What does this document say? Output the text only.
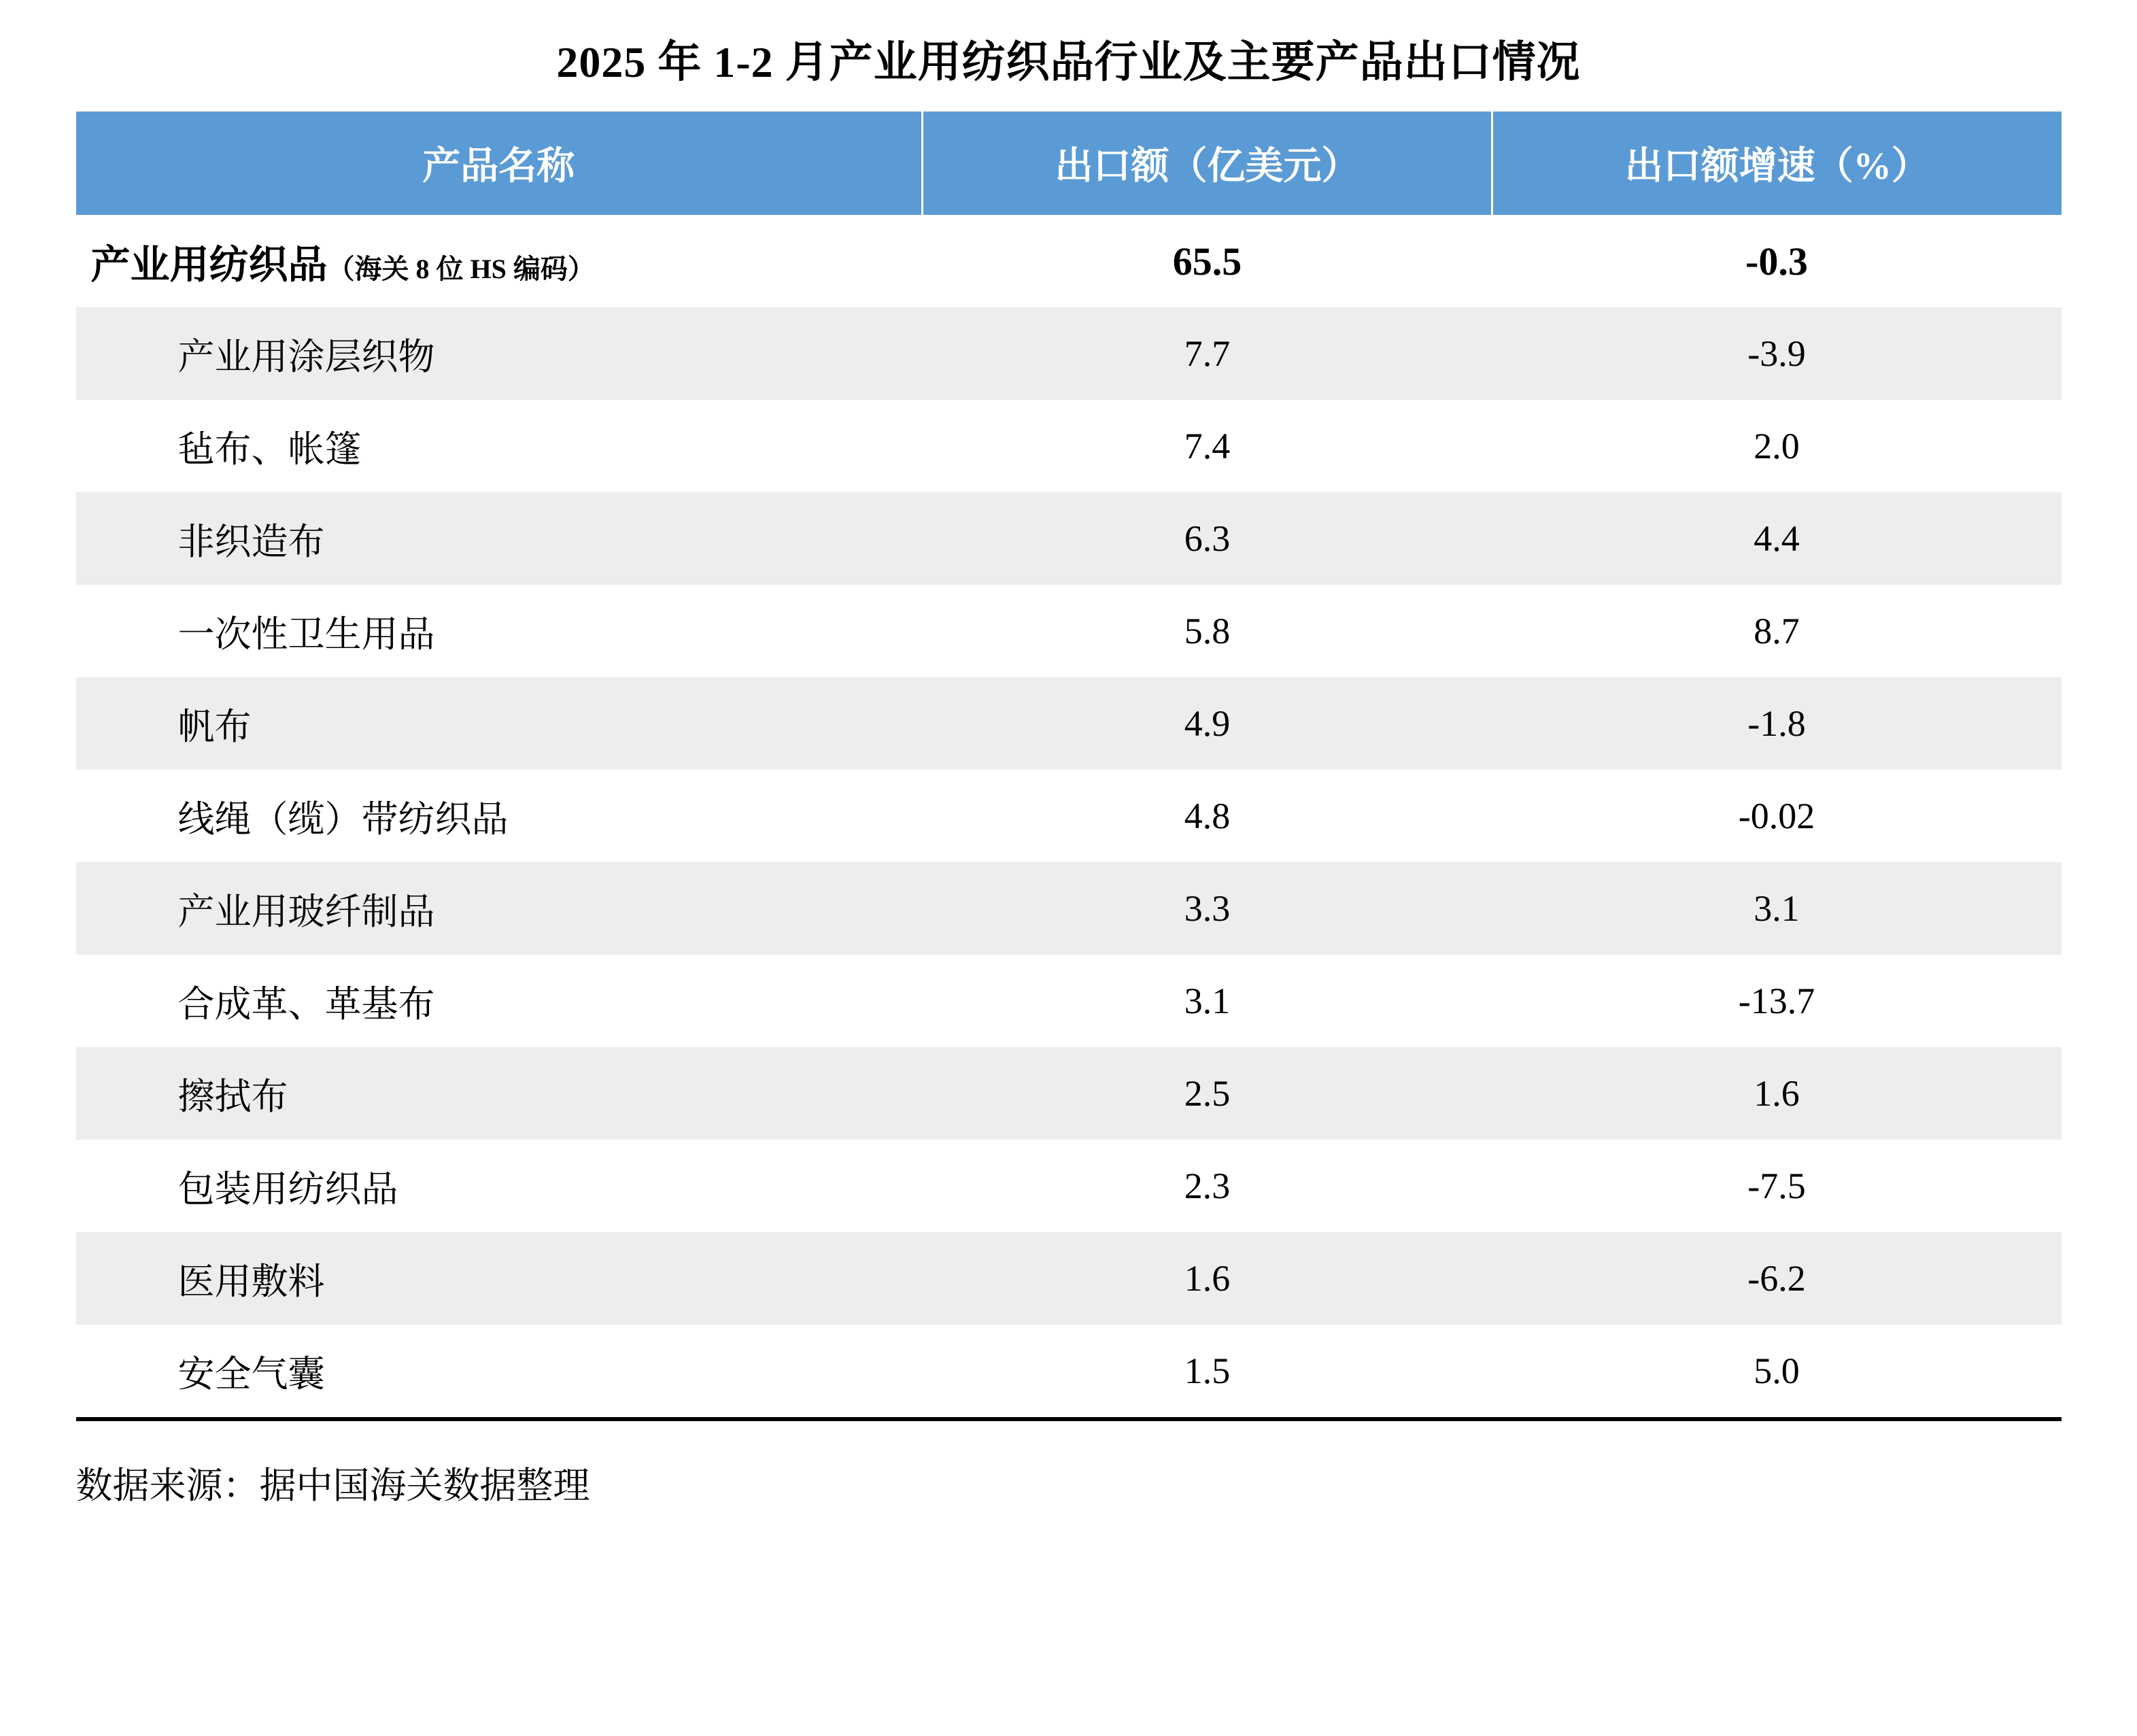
2025 年 1-2 月产业用纺织品行业及主要产品出口情况
产品名称	出口额（亿美元）	出口额增速（%）
产业用纺织品（海关 8 位 HS 编码）	65.5	-0.3
产业用涂层织物	7.7	-3.9
毡布、帐篷	7.4	2.0
非织造布	6.3	4.4
一次性卫生用品	5.8	8.7
帆布	4.9	-1.8
线绳（缆）带纺织品	4.8	-0.02
产业用玻纤制品	3.3	3.1
合成革、革基布	3.1	-13.7
擦拭布	2.5	1.6
包装用纺织品	2.3	-7.5
医用敷料	1.6	-6.2
安全气囊	1.5	5.0
数据来源：据中国海关数据整理
